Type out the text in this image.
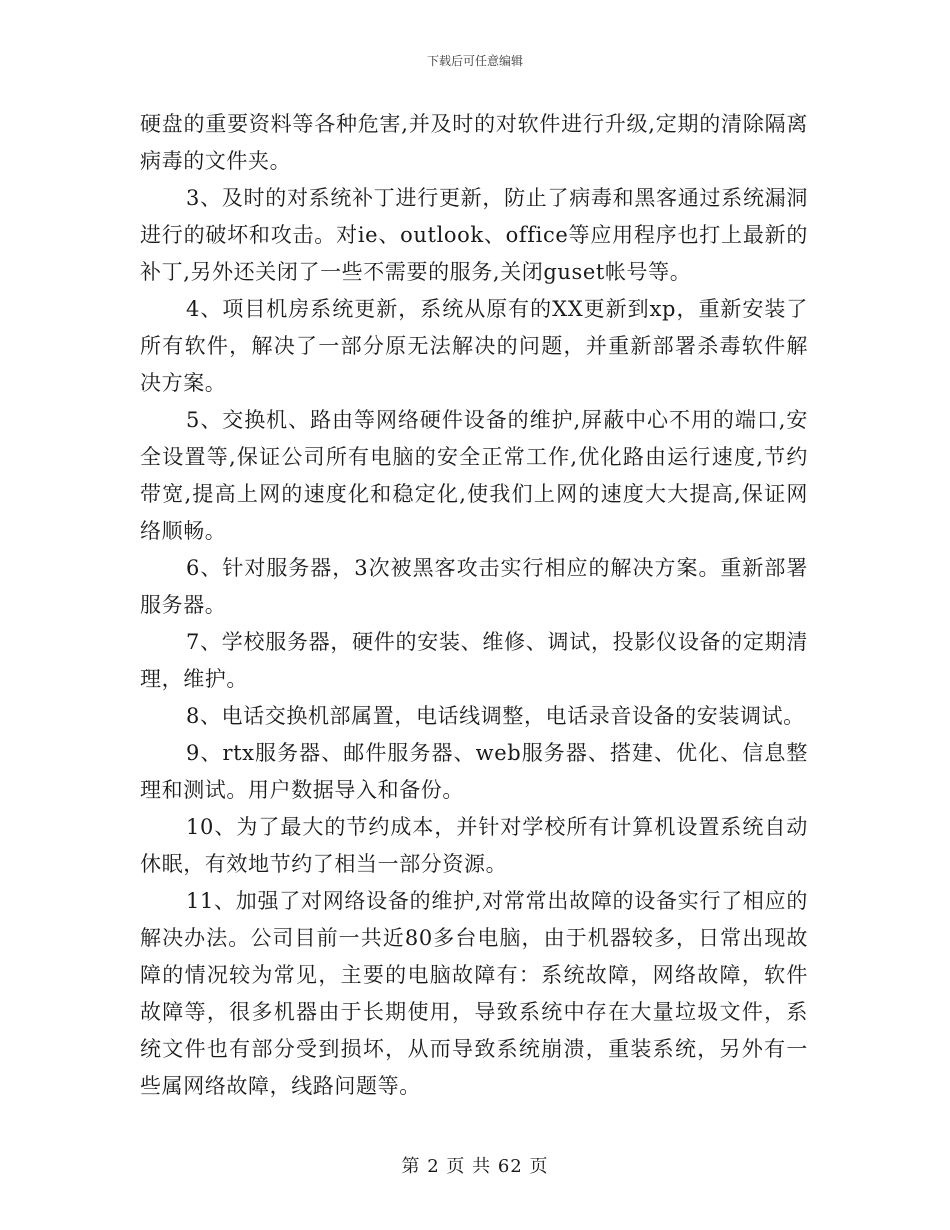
下载后可任意编辑

硬盘的重要资料等各种危害,并及时的对软件进行升级,定期的清除隔离病毒的文件夹。

3、及时的对系统补丁进行更新，防止了病毒和黑客通过系统漏洞进行的破坏和攻击。对ie、outlook、office等应用程序也打上最新的补丁,另外还关闭了一些不需要的服务,关闭guset帐号等。

4、项目机房系统更新，系统从原有的XX更新到xp，重新安装了所有软件，解决了一部分原无法解决的问题，并重新部署杀毒软件解决方案。

5、交换机、路由等网络硬件设备的维护,屏蔽中心不用的端口,安全设置等,保证公司所有电脑的安全正常工作,优化路由运行速度,节约带宽,提高上网的速度化和稳定化,使我们上网的速度大大提高,保证网络顺畅。

6、针对服务器，3次被黑客攻击实行相应的解决方案。重新部署服务器。

7、学校服务器，硬件的安装、维修、调试，投影仪设备的定期清理，维护。

8、电话交换机部属置，电话线调整，电话录音设备的安装调试。

9、rtx服务器、邮件服务器、web服务器、搭建、优化、信息整理和测试。用户数据导入和备份。

10、为了最大的节约成本，并针对学校所有计算机设置系统自动休眠，有效地节约了相当一部分资源。

11、加强了对网络设备的维护,对常常出故障的设备实行了相应的解决办法。公司目前一共近80多台电脑，由于机器较多，日常出现故障的情况较为常见，主要的电脑故障有：系统故障，网络故障，软件故障等，很多机器由于长期使用，导致系统中存在大量垃圾文件，系统文件也有部分受到损坏，从而导致系统崩溃，重装系统，另外有一些属网络故障，线路问题等。

第 2 页 共 62 页
